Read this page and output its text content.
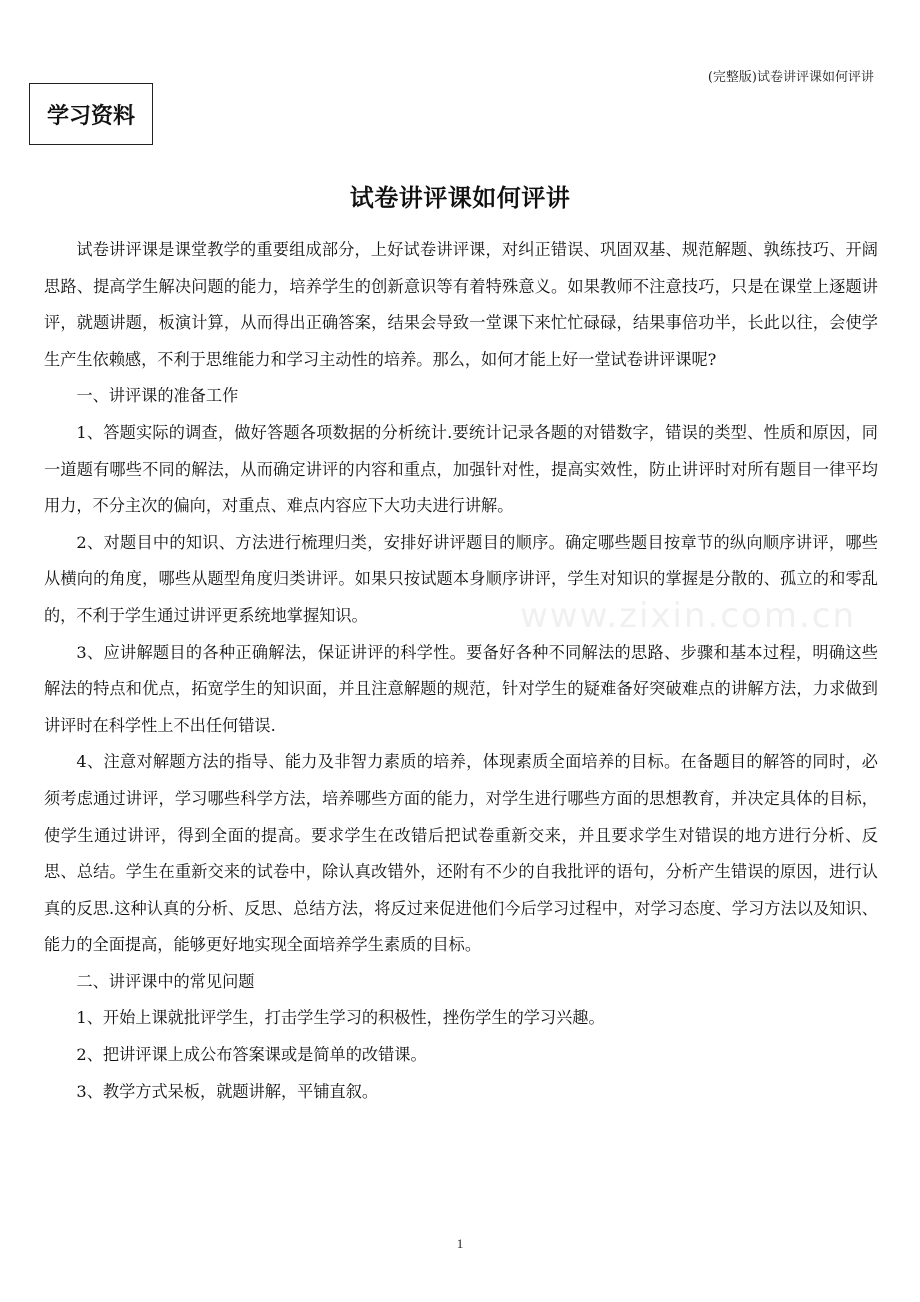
(完整版)试卷讲评课如何评讲
学习资料
试卷讲评课如何评讲
www.zixin.com.cn

试卷讲评课是课堂教学的重要组成部分，上好试卷讲评课，对纠正错误、巩固双基、规范解题、孰练技巧、开阔思路、提高学生解决问题的能力，培养学生的创新意识等有着特殊意义。如果教师不注意技巧，只是在课堂上逐题讲评，就题讲题，板演计算，从而得出正确答案，结果会导致一堂课下来忙忙碌碌，结果事倍功半，长此以往，会使学生产生依赖感，不利于思维能力和学习主动性的培养。那么，如何才能上好一堂试卷讲评课呢?

一、讲评课的准备工作

1、答题实际的调查，做好答题各项数据的分析统计.要统计记录各题的对错数字，错误的类型、性质和原因，同一道题有哪些不同的解法，从而确定讲评的内容和重点，加强针对性，提高实效性，防止讲评时对所有题目一律平均用力，不分主次的偏向，对重点、难点内容应下大功夫进行讲解。

2、对题目中的知识、方法进行梳理归类，安排好讲评题目的顺序。确定哪些题目按章节的纵向顺序讲评，哪些从横向的角度，哪些从题型角度归类讲评。如果只按试题本身顺序讲评，学生对知识的掌握是分散的、孤立的和零乱的，不利于学生通过讲评更系统地掌握知识。

3、应讲解题目的各种正确解法，保证讲评的科学性。要备好各种不同解法的思路、步骤和基本过程，明确这些解法的特点和优点，拓宽学生的知识面，并且注意解题的规范，针对学生的疑难备好突破难点的讲解方法，力求做到讲评时在科学性上不出任何错误.

4、注意对解题方法的指导、能力及非智力素质的培养，体现素质全面培养的目标。在备题目的解答的同时，必须考虑通过讲评，学习哪些科学方法，培养哪些方面的能力，对学生进行哪些方面的思想教育，并决定具体的目标，使学生通过讲评，得到全面的提高。要求学生在改错后把试卷重新交来，并且要求学生对错误的地方进行分析、反思、总结。学生在重新交来的试卷中，除认真改错外，还附有不少的自我批评的语句，分析产生错误的原因，进行认真的反思.这种认真的分析、反思、总结方法，将反过来促进他们今后学习过程中，对学习态度、学习方法以及知识、能力的全面提高，能够更好地实现全面培养学生素质的目标。

二、讲评课中的常见问题

1、开始上课就批评学生，打击学生学习的积极性，挫伤学生的学习兴趣。

2、把讲评课上成公布答案课或是简单的改错课。

3、教学方式呆板，就题讲解，平铺直叙。

1
